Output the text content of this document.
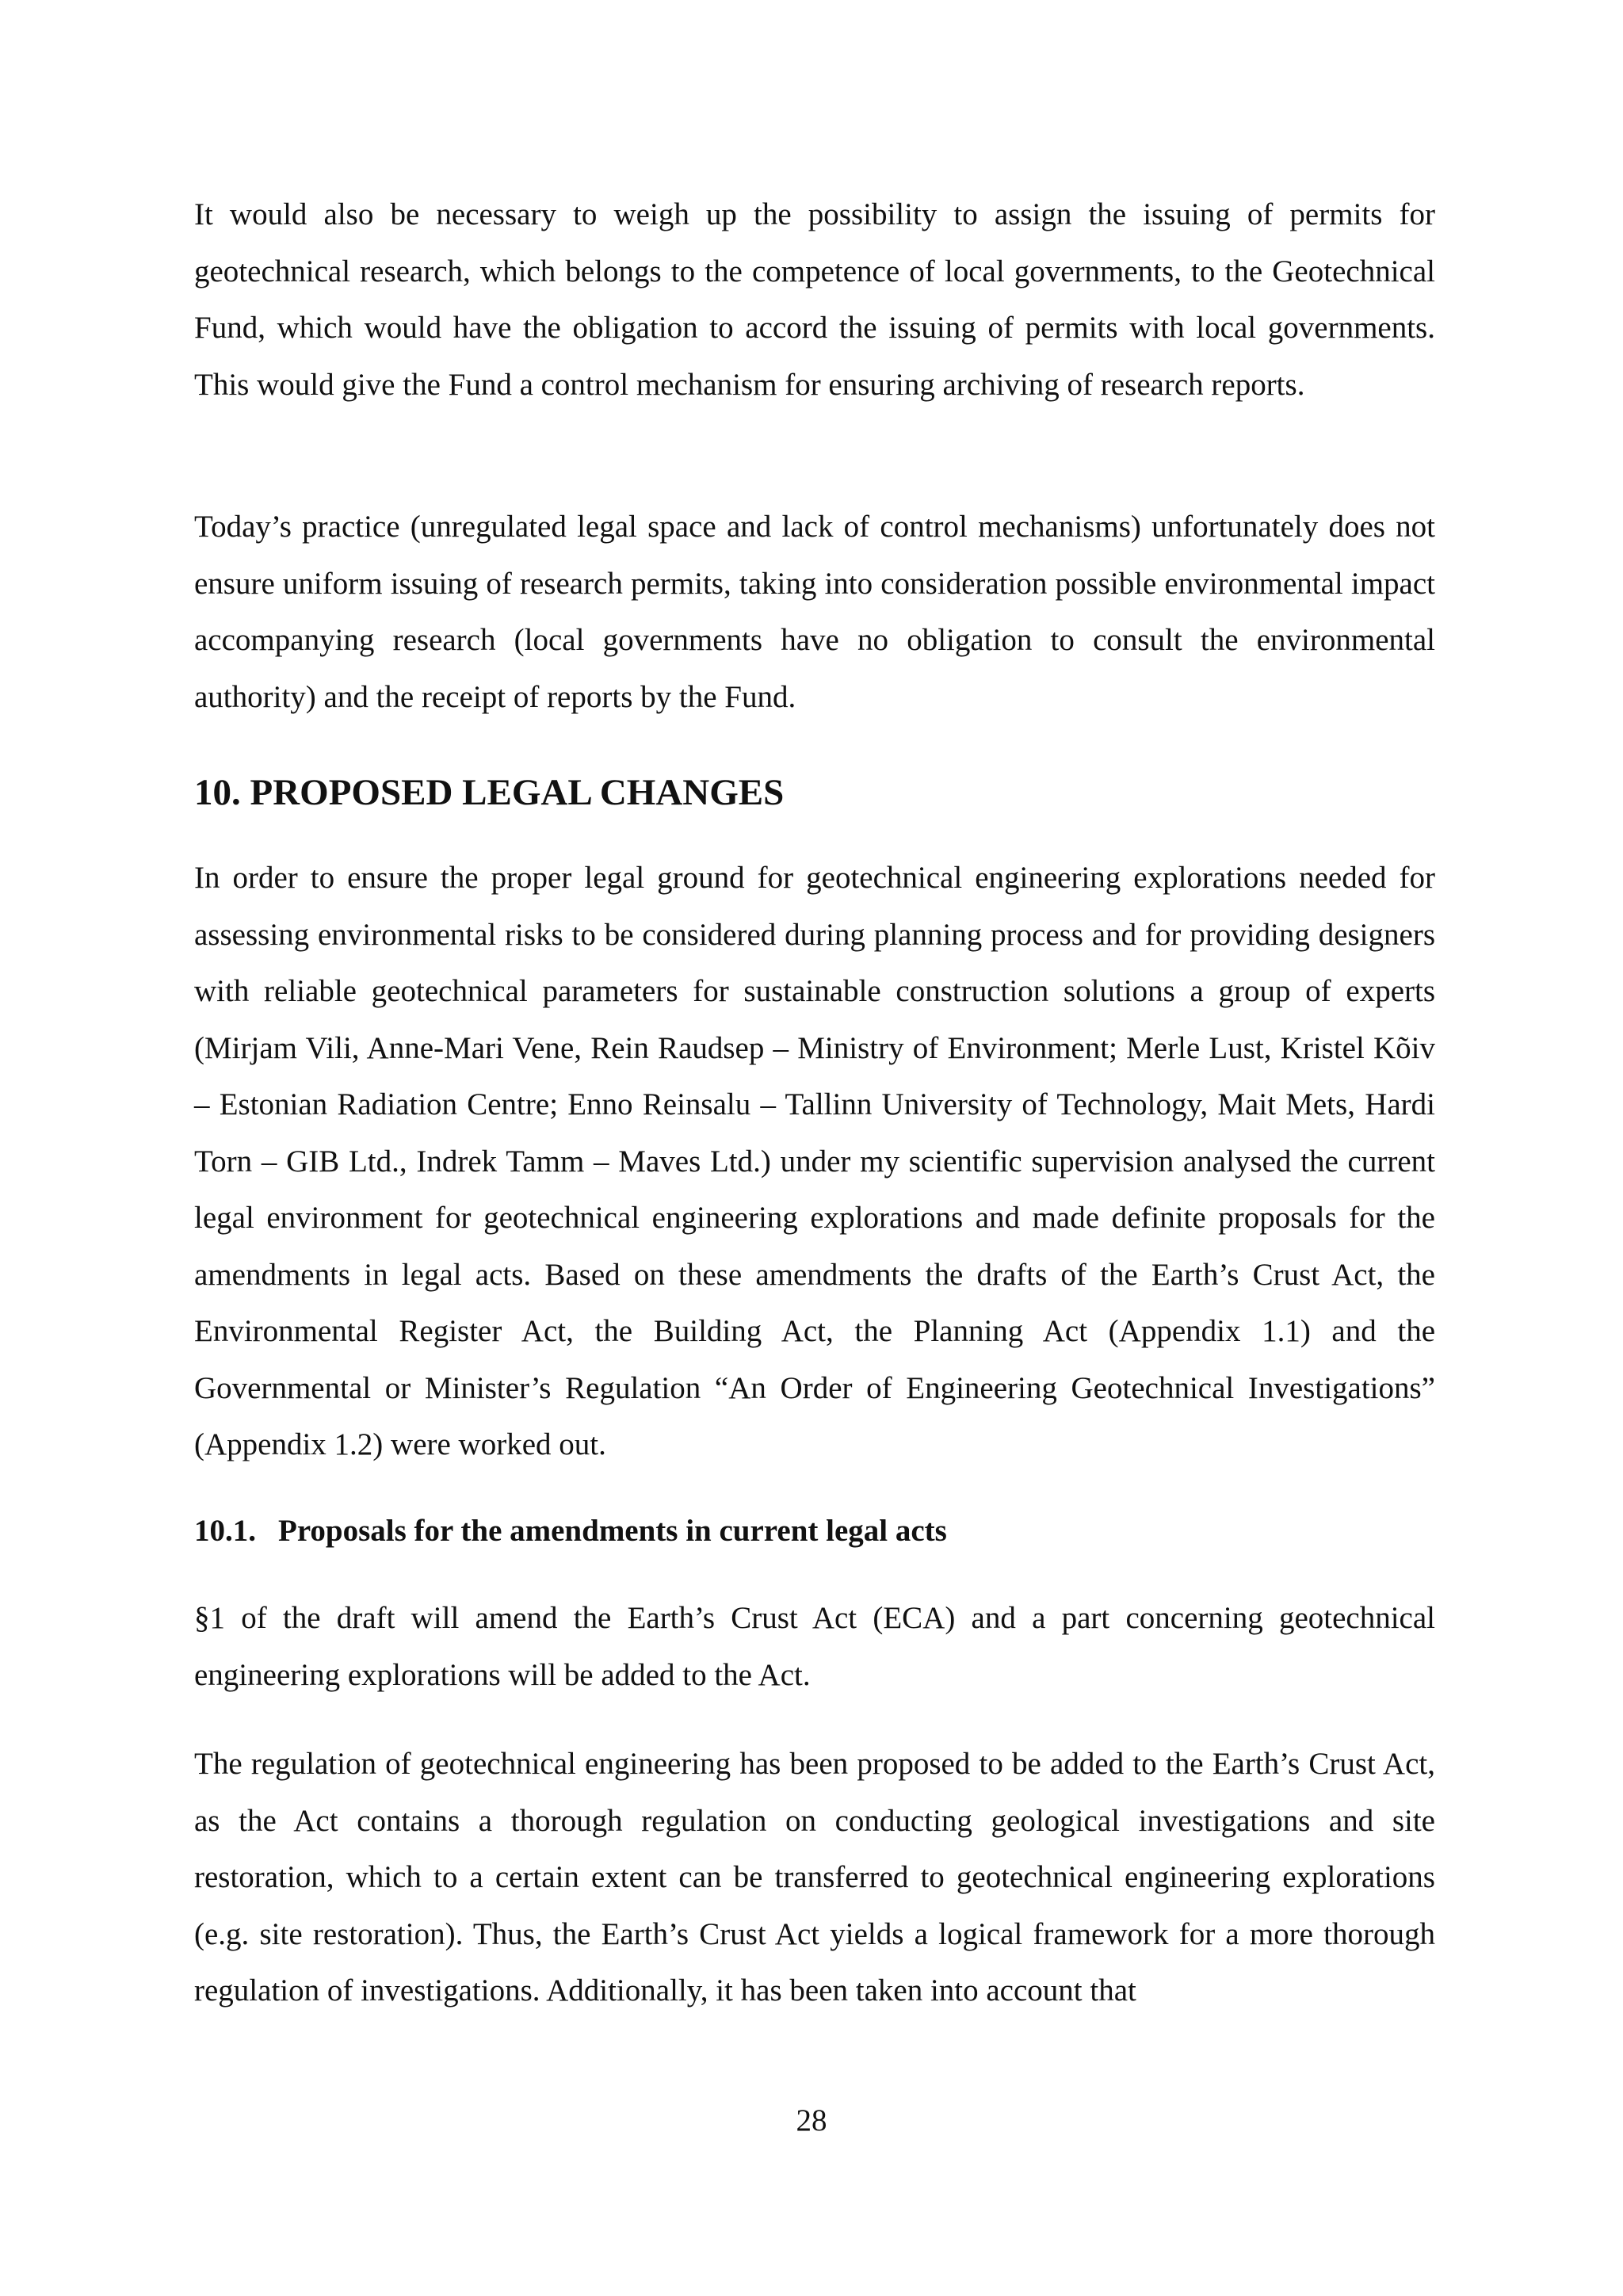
It would also be necessary to weigh up the possibility to assign the issuing of permits for geotechnical research, which belongs to the competence of local governments, to the Geotechnical Fund, which would have the obligation to accord the issuing of permits with local governments. This would give the Fund a control mechanism for ensuring archiving of research reports.

Today’s practice (unregulated legal space and lack of control mechanisms) unfortunately does not ensure uniform issuing of research permits, taking into consideration possible environmental impact accompanying research (local governments have no obligation to consult the environmental authority) and the receipt of reports by the Fund.

10. PROPOSED LEGAL CHANGES

In order to ensure the proper legal ground for geotechnical engineering explorations needed for assessing environmental risks to be considered during planning process and for providing designers with reliable geotechnical parameters for sustainable construction solutions a group of experts (Mirjam Vili, Anne-Mari Vene, Rein Raudsep – Ministry of Environment; Merle Lust, Kristel Kõiv – Estonian Radiation Centre; Enno Reinsalu – Tallinn University of Technology, Mait Mets, Hardi Torn – GIB Ltd., Indrek Tamm – Maves Ltd.) under my scientific supervision analysed the current legal environment for geotechnical engineering explorations and made definite proposals for the amendments in legal acts. Based on these amendments the drafts of the Earth’s Crust Act, the Environmental Register Act, the Building Act, the Planning Act (Appendix 1.1) and the Governmental or Minister’s Regulation “An Order of Engineering Geotechnical Investigations” (Appendix 1.2) were worked out.

10.1. Proposals for the amendments in current legal acts

§1 of the draft will amend the Earth’s Crust Act (ECA) and a part concerning geotechnical engineering explorations will be added to the Act.

The regulation of geotechnical engineering has been proposed to be added to the Earth’s Crust Act, as the Act contains a thorough regulation on conducting geological investigations and site restoration, which to a certain extent can be transferred to geotechnical engineering explorations (e.g. site restoration). Thus, the Earth’s Crust Act yields a logical framework for a more thorough regulation of investigations. Additionally, it has been taken into account that

28
